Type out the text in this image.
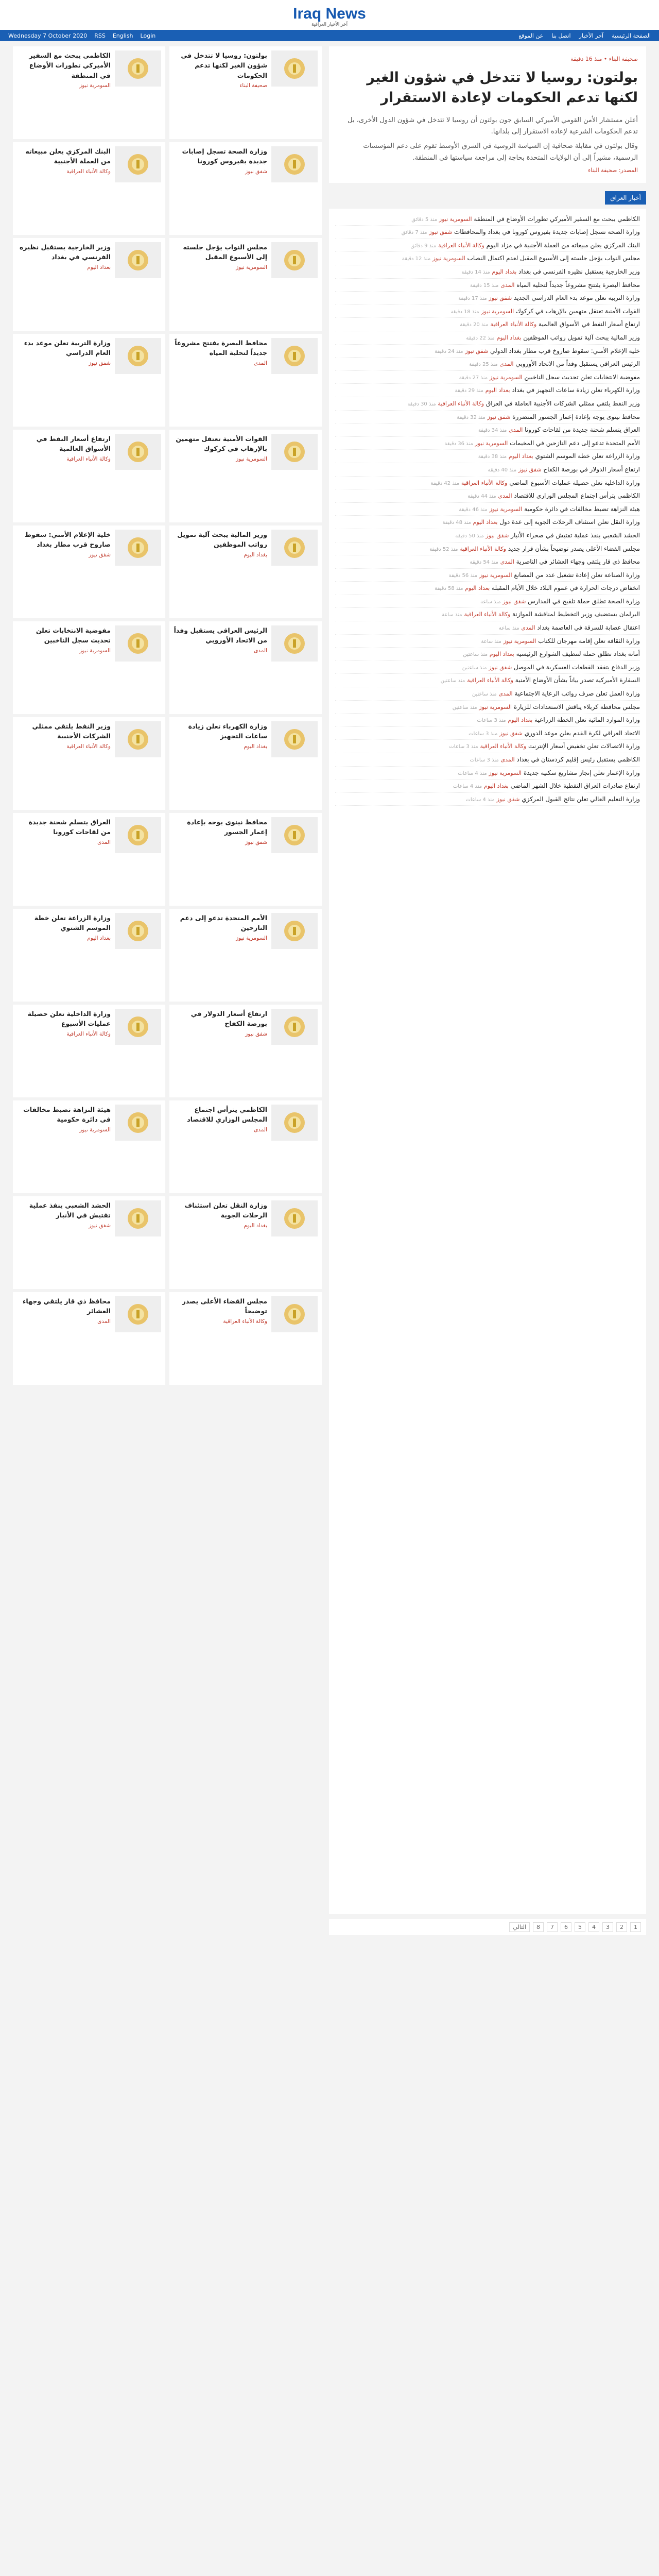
Iraq News
آخر الأخبار العراقية
الصفحة الرئيسية
آخر الأخبار
اتصل بنا
عن الموقع
Wednesday 7 October 2020 RSS English Login
صحيفة البناء • منذ 16 دقيقة
بولتون: روسيا لا تتدخل في شؤون الغير لكنها تدعم الحكومات لإعادة الاستقرار

أعلن مستشار الأمن القومي الأميركي السابق جون بولتون أن روسيا لا تتدخل في شؤون الدول الأخرى، بل تدعم الحكومات الشرعية لإعادة الاستقرار إلى بلدانها.

وقال بولتون في مقابلة صحافية إن السياسة الروسية في الشرق الأوسط تقوم على دعم المؤسسات الرسمية، مشيراً إلى أن الولايات المتحدة بحاجة إلى مراجعة سياستها في المنطقة.

المصدر: صحيفة البناء
أخبار العراق
الكاظمي يبحث مع السفير الأميركي تطورات الأوضاع في المنطقة السومرية نيوز منذ 5 دقائق
وزارة الصحة تسجل إصابات جديدة بفيروس كورونا في بغداد والمحافظات شفق نيوز منذ 7 دقائق
البنك المركزي يعلن مبيعاته من العملة الأجنبية في مزاد اليوم وكالة الأنباء العراقية منذ 9 دقائق
مجلس النواب يؤجل جلسته إلى الأسبوع المقبل لعدم اكتمال النصاب السومرية نيوز منذ 12 دقيقة
وزير الخارجية يستقبل نظيره الفرنسي في بغداد بغداد اليوم منذ 14 دقيقة
محافظ البصرة يفتتح مشروعاً جديداً لتحلية المياه المدى منذ 15 دقيقة
وزارة التربية تعلن موعد بدء العام الدراسي الجديد شفق نيوز منذ 17 دقيقة
القوات الأمنية تعتقل متهمين بالإرهاب في كركوك السومرية نيوز منذ 18 دقيقة
ارتفاع أسعار النفط في الأسواق العالمية وكالة الأنباء العراقية منذ 20 دقيقة
وزير المالية يبحث آلية تمويل رواتب الموظفين بغداد اليوم منذ 22 دقيقة
خلية الإعلام الأمني: سقوط صاروخ قرب مطار بغداد الدولي شفق نيوز منذ 24 دقيقة
الرئيس العراقي يستقبل وفداً من الاتحاد الأوروبي المدى منذ 25 دقيقة
مفوضية الانتخابات تعلن تحديث سجل الناخبين السومرية نيوز منذ 27 دقيقة
وزارة الكهرباء تعلن زيادة ساعات التجهيز في بغداد بغداد اليوم منذ 29 دقيقة
وزير النفط يلتقي ممثلي الشركات الأجنبية العاملة في العراق وكالة الأنباء العراقية منذ 30 دقيقة
محافظ نينوى يوجه بإعادة إعمار الجسور المتضررة شفق نيوز منذ 32 دقيقة
العراق يتسلم شحنة جديدة من لقاحات كورونا المدى منذ 34 دقيقة
الأمم المتحدة تدعو إلى دعم النازحين في المخيمات السومرية نيوز منذ 36 دقيقة
وزارة الزراعة تعلن خطة الموسم الشتوي بغداد اليوم منذ 38 دقيقة
ارتفاع أسعار الدولار في بورصة الكفاح شفق نيوز منذ 40 دقيقة
وزارة الداخلية تعلن حصيلة عمليات الأسبوع الماضي وكالة الأنباء العراقية منذ 42 دقيقة
الكاظمي يترأس اجتماع المجلس الوزاري للاقتصاد المدى منذ 44 دقيقة
هيئة النزاهة تضبط مخالفات في دائرة حكومية السومرية نيوز منذ 46 دقيقة
وزارة النقل تعلن استئناف الرحلات الجوية إلى عدة دول بغداد اليوم منذ 48 دقيقة
الحشد الشعبي ينفذ عملية تفتيش في صحراء الأنبار شفق نيوز منذ 50 دقيقة
مجلس القضاء الأعلى يصدر توضيحاً بشأن قرار جديد وكالة الأنباء العراقية منذ 52 دقيقة
محافظ ذي قار يلتقي وجهاء العشائر في الناصرية المدى منذ 54 دقيقة
وزارة الصناعة تعلن إعادة تشغيل عدد من المصانع السومرية نيوز منذ 56 دقيقة
انخفاض درجات الحرارة في عموم البلاد خلال الأيام المقبلة بغداد اليوم منذ 58 دقيقة
وزارة الصحة تطلق حملة تلقيح في المدارس شفق نيوز منذ ساعة
البرلمان يستضيف وزير التخطيط لمناقشة الموازنة وكالة الأنباء العراقية منذ ساعة
اعتقال عصابة للسرقة في العاصمة بغداد المدى منذ ساعة
وزارة الثقافة تعلن إقامة مهرجان للكتاب السومرية نيوز منذ ساعة
أمانة بغداد تطلق حملة لتنظيف الشوارع الرئيسية بغداد اليوم منذ ساعتين
وزير الدفاع يتفقد القطعات العسكرية في الموصل شفق نيوز منذ ساعتين
السفارة الأميركية تصدر بياناً بشأن الأوضاع الأمنية وكالة الأنباء العراقية منذ ساعتين
وزارة العمل تعلن صرف رواتب الرعاية الاجتماعية المدى منذ ساعتين
مجلس محافظة كربلاء يناقش الاستعدادات للزيارة السومرية نيوز منذ ساعتين
وزارة الموارد المائية تعلن الخطة الزراعية بغداد اليوم منذ 3 ساعات
الاتحاد العراقي لكرة القدم يعلن موعد الدوري شفق نيوز منذ 3 ساعات
وزارة الاتصالات تعلن تخفيض أسعار الإنترنت وكالة الأنباء العراقية منذ 3 ساعات
الكاظمي يستقبل رئيس إقليم كردستان في بغداد المدى منذ 3 ساعات
وزارة الإعمار تعلن إنجاز مشاريع سكنية جديدة السومرية نيوز منذ 4 ساعات
ارتفاع صادرات العراق النفطية خلال الشهر الماضي بغداد اليوم منذ 4 ساعات
وزارة التعليم العالي تعلن نتائج القبول المركزي شفق نيوز منذ 4 ساعات
1
2
3
4
5
6
7
8
التالي
بولتون: روسيا لا تتدخل في شؤون الغير لكنها تدعم الحكومات
صحيفة البناء
وزارة الصحة تسجل إصابات جديدة بفيروس كورونا
شفق نيوز
مجلس النواب يؤجل جلسته إلى الأسبوع المقبل
السومرية نيوز
محافظ البصرة يفتتح مشروعاً جديداً لتحلية المياه
المدى
القوات الأمنية تعتقل متهمين بالإرهاب في كركوك
السومرية نيوز
وزير المالية يبحث آلية تمويل رواتب الموظفين
بغداد اليوم
الرئيس العراقي يستقبل وفداً من الاتحاد الأوروبي
المدى
وزارة الكهرباء تعلن زيادة ساعات التجهيز
بغداد اليوم
محافظ نينوى يوجه بإعادة إعمار الجسور
شفق نيوز
الأمم المتحدة تدعو إلى دعم النازحين
السومرية نيوز
ارتفاع أسعار الدولار في بورصة الكفاح
شفق نيوز
الكاظمي يترأس اجتماع المجلس الوزاري للاقتصاد
المدى
وزارة النقل تعلن استئناف الرحلات الجوية
بغداد اليوم
مجلس القضاء الأعلى يصدر توضيحاً
وكالة الأنباء العراقية
الكاظمي يبحث مع السفير الأميركي تطورات الأوضاع في المنطقة
السومرية نيوز
البنك المركزي يعلن مبيعاته من العملة الأجنبية
وكالة الأنباء العراقية
وزير الخارجية يستقبل نظيره الفرنسي في بغداد
بغداد اليوم
وزارة التربية تعلن موعد بدء العام الدراسي
شفق نيوز
ارتفاع أسعار النفط في الأسواق العالمية
وكالة الأنباء العراقية
خلية الإعلام الأمني: سقوط صاروخ قرب مطار بغداد
شفق نيوز
مفوضية الانتخابات تعلن تحديث سجل الناخبين
السومرية نيوز
وزير النفط يلتقي ممثلي الشركات الأجنبية
وكالة الأنباء العراقية
العراق يتسلم شحنة جديدة من لقاحات كورونا
المدى
وزارة الزراعة تعلن خطة الموسم الشتوي
بغداد اليوم
وزارة الداخلية تعلن حصيلة عمليات الأسبوع
وكالة الأنباء العراقية
هيئة النزاهة تضبط مخالفات في دائرة حكومية
السومرية نيوز
الحشد الشعبي ينفذ عملية تفتيش في الأنبار
شفق نيوز
محافظ ذي قار يلتقي وجهاء العشائر
المدى
